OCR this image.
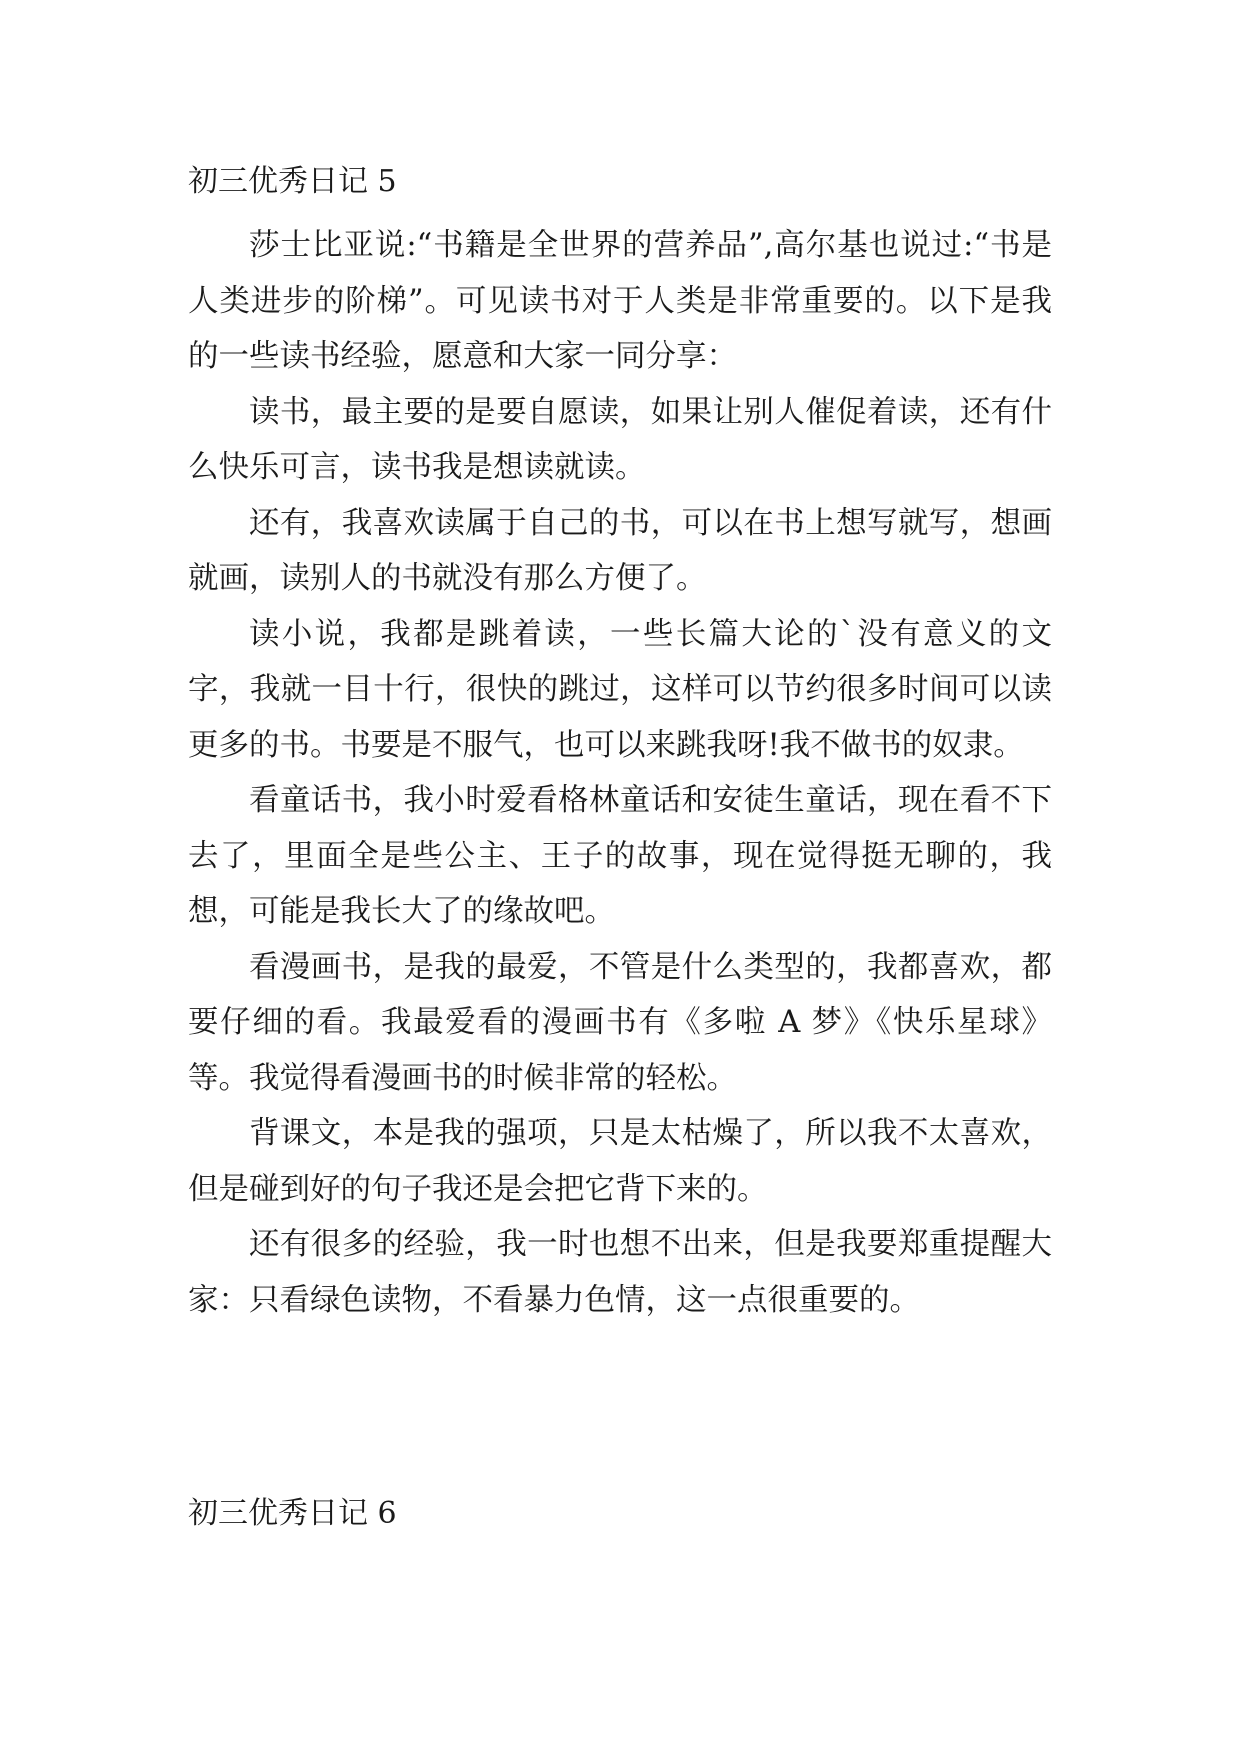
初三优秀日记 5

莎士比亚说:“书籍是全世界的营养品”,高尔基也说过:“书是人类进步的阶梯”。可见读书对于人类是非常重要的。以下是我的一些读书经验，愿意和大家一同分享：

读书，最主要的是要自愿读，如果让别人催促着读，还有什么快乐可言，读书我是想读就读。

还有，我喜欢读属于自己的书，可以在书上想写就写，想画就画，读别人的书就没有那么方便了。

读小说，我都是跳着读，一些长篇大论的`没有意义的文字，我就一目十行，很快的跳过，这样可以节约很多时间可以读更多的书。书要是不服气，也可以来跳我呀!我不做书的奴隶。

看童话书，我小时爱看格林童话和安徒生童话，现在看不下去了，里面全是些公主、王子的故事，现在觉得挺无聊的，我想，可能是我长大了的缘故吧。

看漫画书，是我的最爱，不管是什么类型的，我都喜欢，都要仔细的看。我最爱看的漫画书有《多啦 A 梦》《快乐星球》等。我觉得看漫画书的时候非常的轻松。

背课文，本是我的强项，只是太枯燥了，所以我不太喜欢，但是碰到好的句子我还是会把它背下来的。

还有很多的经验，我一时也想不出来，但是我要郑重提醒大家：只看绿色读物，不看暴力色情，这一点很重要的。

初三优秀日记 6
